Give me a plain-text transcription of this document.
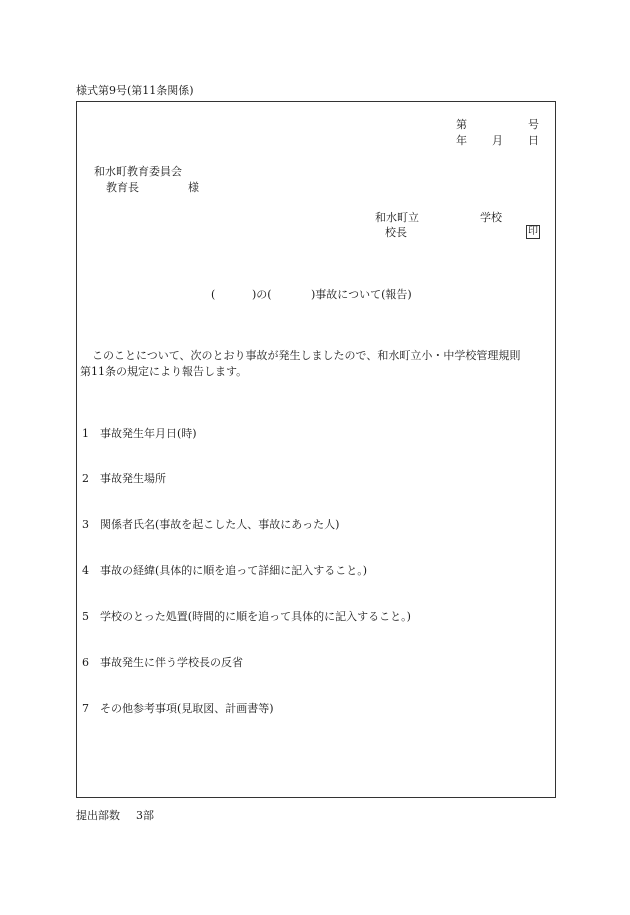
様式第9号(第11条関係)
第	号
年 月 日
和水町教育委員会
教育長	様
和水町立	学校
校長	印
(	)の(	)事故について(報告)
このことについて、次のとおり事故が発生しましたので、和水町立小・中学校管理規則
第11条の規定により報告します。
1 事故発生年月日(時)
2 事故発生場所
3 関係者氏名(事故を起こした人、事故にあった人)
4 事故の経緯(具体的に順を追って詳細に記入すること。)
5 学校のとった処置(時間的に順を追って具体的に記入すること。)
6 事故発生に伴う学校長の反省
7 その他参考事項(見取図、計画書等)
提出部数 3部
